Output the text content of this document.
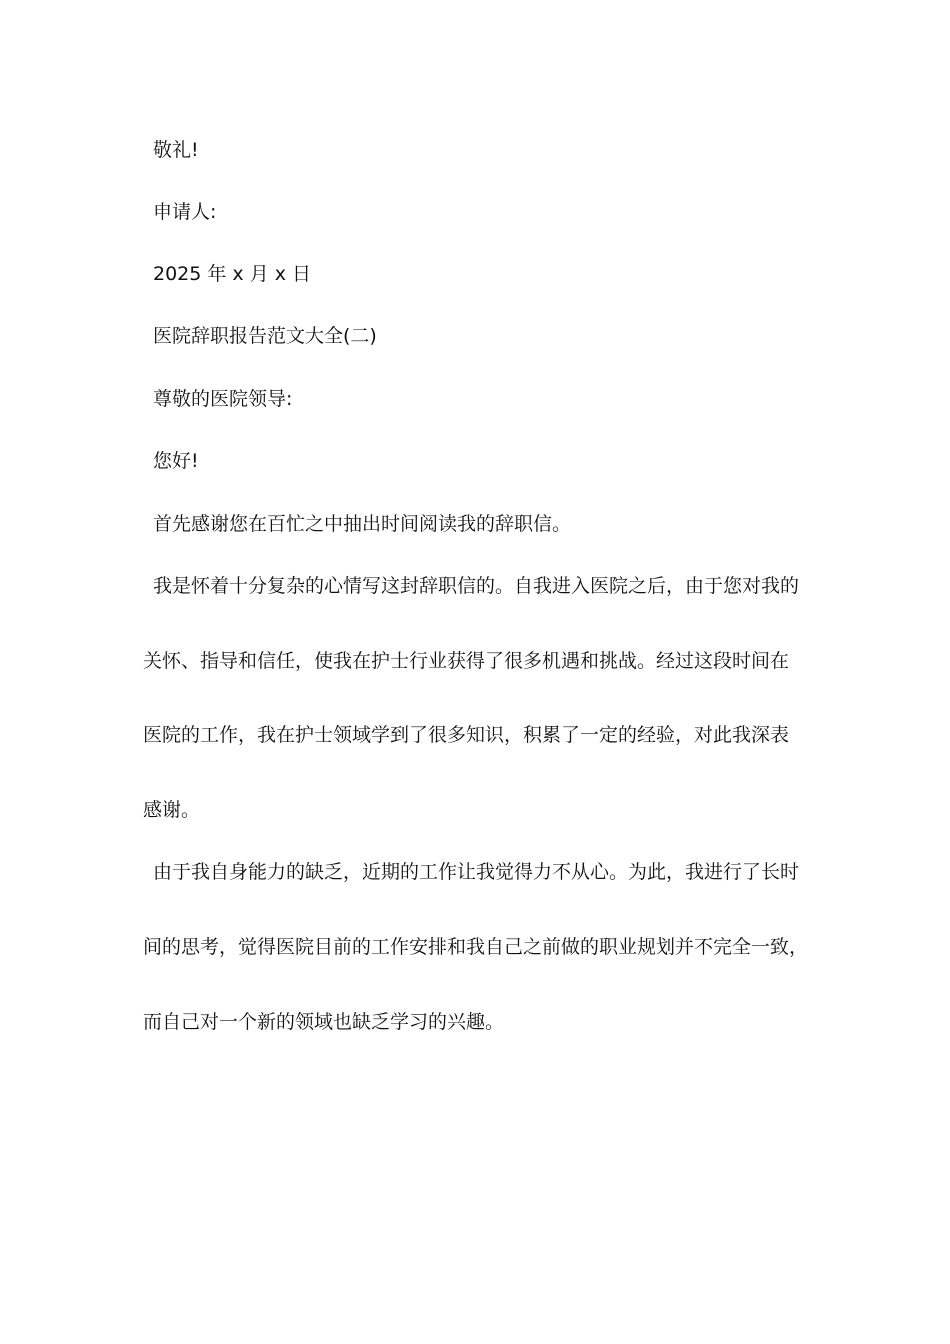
敬礼!
申请人:
2025 年 x 月 x 日
医院辞职报告范文大全(二)
尊敬的医院领导:
您好!
首先感谢您在百忙之中抽出时间阅读我的辞职信。
我是怀着十分复杂的心情写这封辞职信的。自我进入医院之后，由于您对我的
关怀、指导和信任，使我在护士行业获得了很多机遇和挑战。经过这段时间在
医院的工作，我在护士领域学到了很多知识，积累了一定的经验，对此我深表
感谢。
由于我自身能力的缺乏，近期的工作让我觉得力不从心。为此，我进行了长时
间的思考，觉得医院目前的工作安排和我自己之前做的职业规划并不完全一致，
而自己对一个新的领域也缺乏学习的兴趣。
